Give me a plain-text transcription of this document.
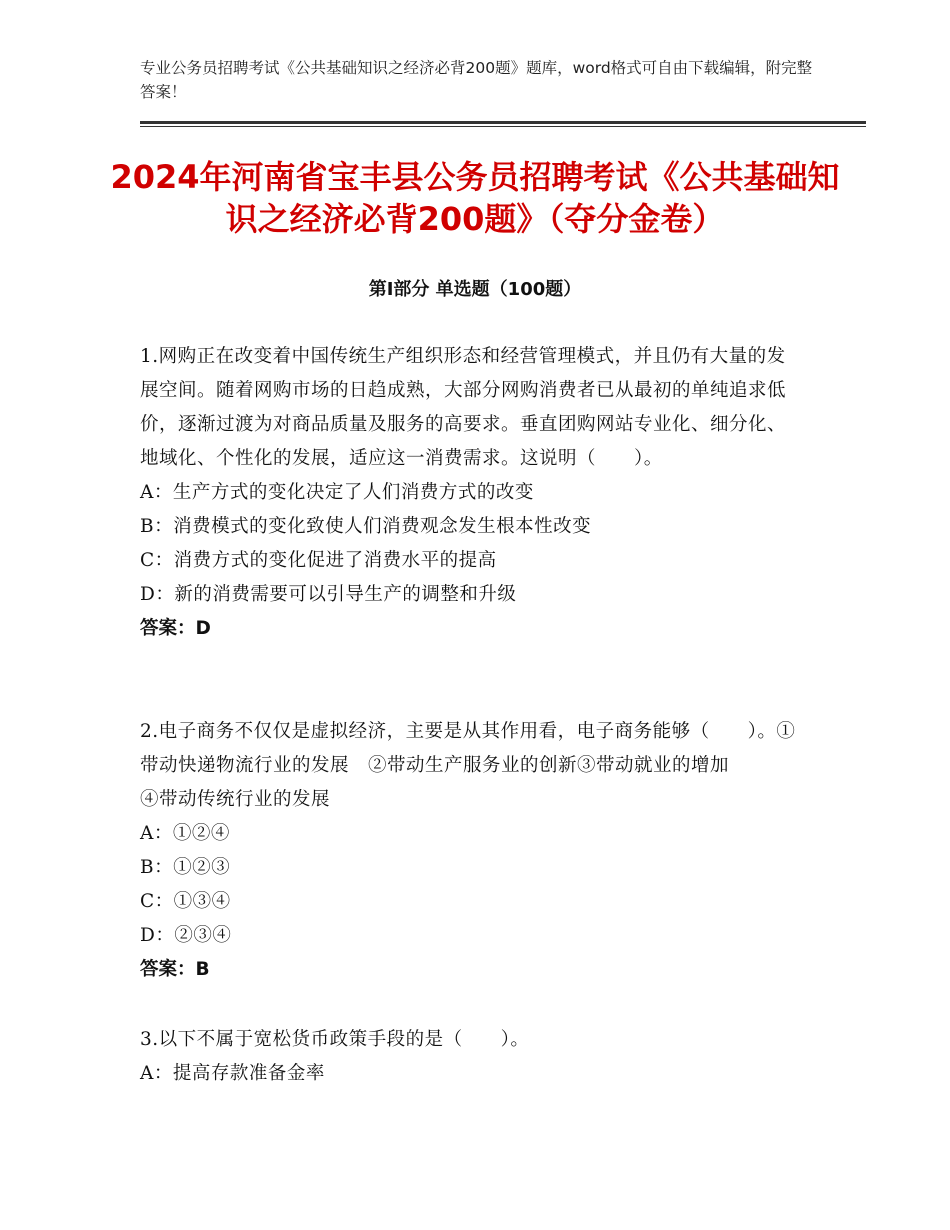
专业公务员招聘考试《公共基础知识之经济必背200题》题库，word格式可自由下载编辑，附完整答案！
2024年河南省宝丰县公务员招聘考试《公共基础知识之经济必背200题》（夺分金卷）
第Ⅰ部分 单选题（100题）

1.网购正在改变着中国传统生产组织形态和经营管理模式，并且仍有大量的发展空间。随着网购市场的日趋成熟，大部分网购消费者已从最初的单纯追求低价，逐渐过渡为对商品质量及服务的高要求。垂直团购网站专业化、细分化、地域化、个性化的发展，适应这一消费需求。这说明（　　）。

A：生产方式的变化决定了人们消费方式的改变

B：消费模式的变化致使人们消费观念发生根本性改变

C：消费方式的变化促进了消费水平的提高

D：新的消费需要可以引导生产的调整和升级

答案：D

2.电子商务不仅仅是虚拟经济，主要是从其作用看，电子商务能够（　　）。①带动快递物流行业的发展　②带动生产服务业的创新③带动就业的增加　　　　④带动传统行业的发展

A：①②④

B：①②③

C：①③④

D：②③④

答案：B

3.以下不属于宽松货币政策手段的是（　　）。

A：提高存款准备金率
